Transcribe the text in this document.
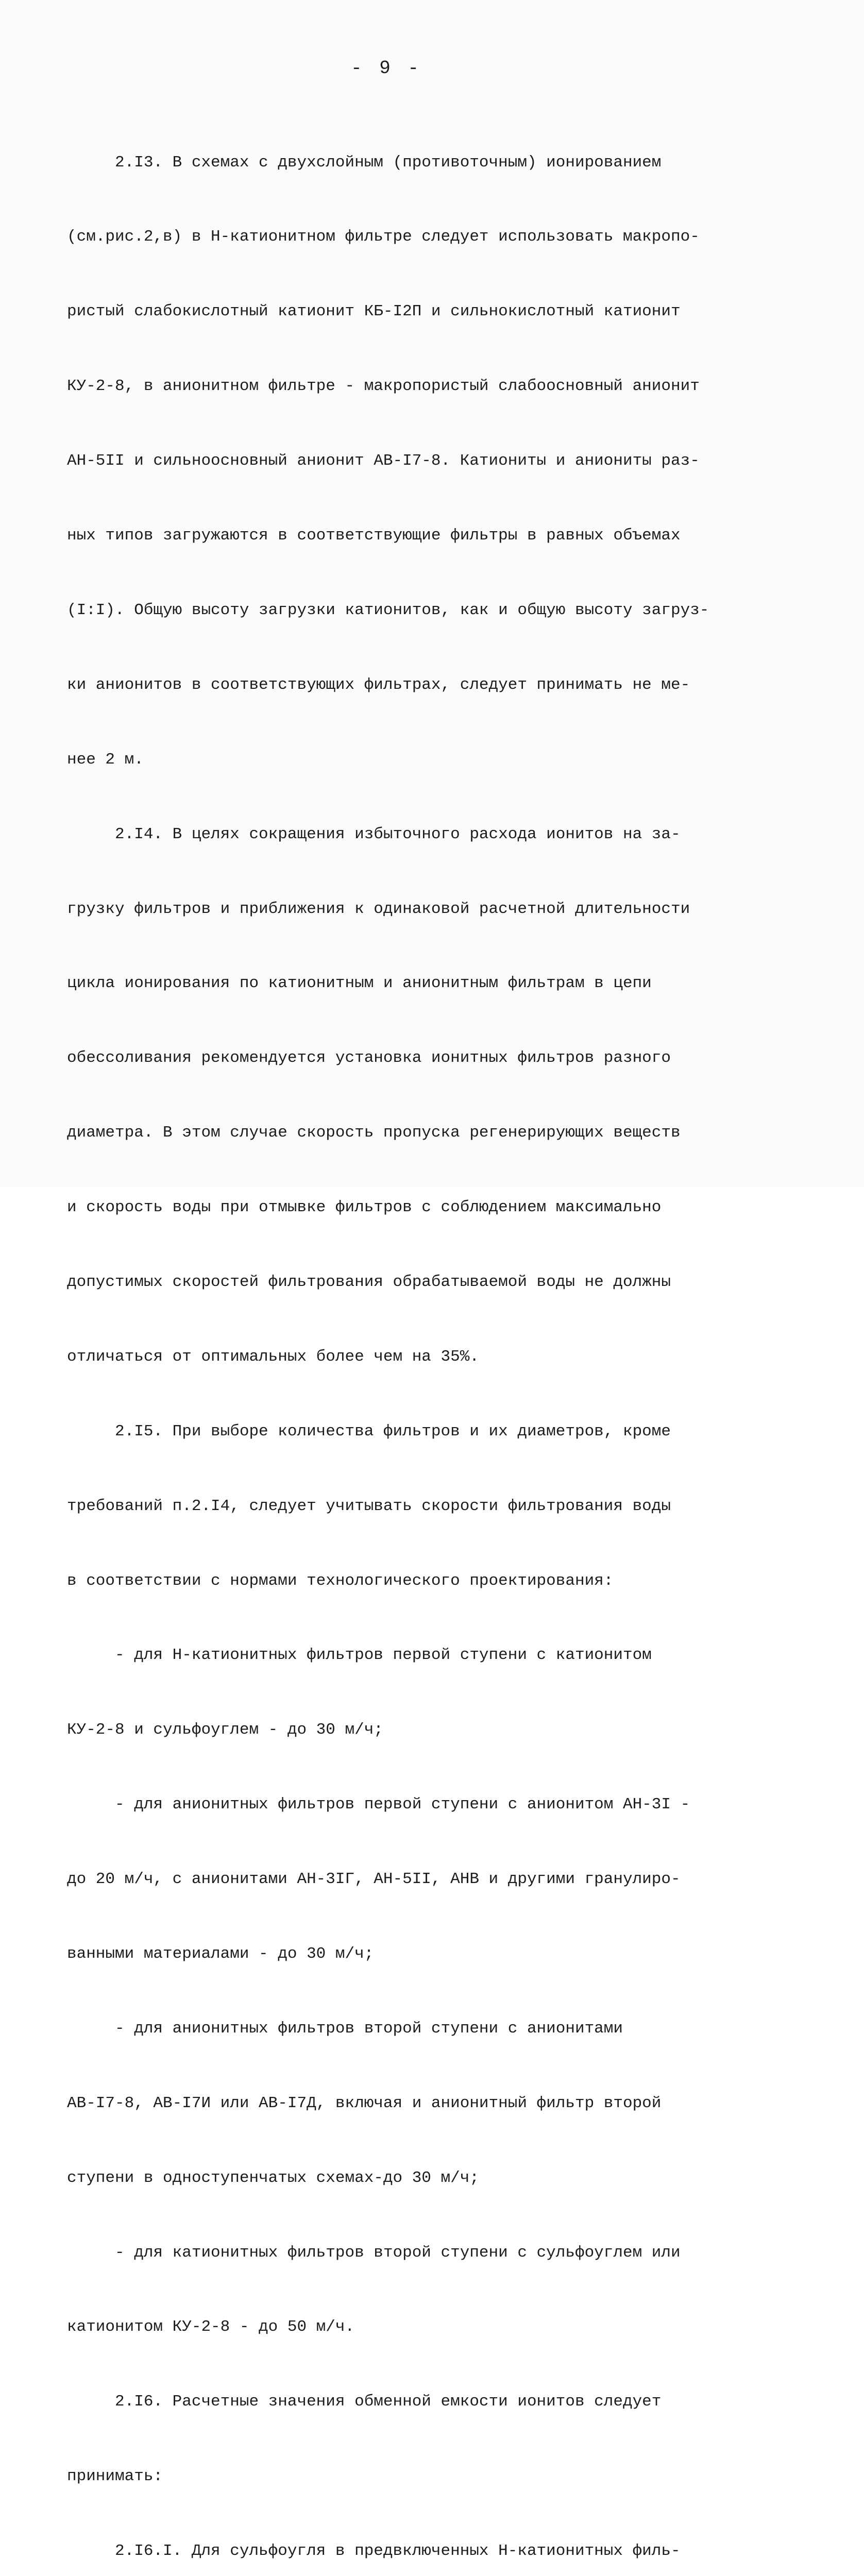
- 9 -

2.I3. В схемах с двухслойным (противоточным) ионированием

(см.рис.2,в) в H-катионитном фильтре следует использовать макропо-

ристый слабокислотный катионит КБ-I2П и сильнокислотный катионит

КУ-2-8, в анионитном фильтре - макропористый слабоосновный анионит

АН-5II и сильноосновный анионит АВ-I7-8. Катиониты и аниониты раз-

ных типов загружаются в соответствующие фильтры в равных объемах

(I:I). Общую высоту загрузки катионитов, как и общую высоту загруз-

ки анионитов в соответствующих фильтрах, следует принимать не ме-

нее 2 м.

2.I4. В целях сокращения избыточного расхода ионитов на за-

грузку фильтров и приближения к одинаковой расчетной длительности

цикла ионирования по катионитным и анионитным фильтрам в цепи

обессоливания рекомендуется установка ионитных фильтров разного

диаметра. В этом случае скорость пропуска регенерирующих веществ

и скорость воды при отмывке фильтров с соблюдением максимально

допустимых скоростей фильтрования обрабатываемой воды не должны

отличаться от оптимальных более чем на 35%.

2.I5. При выборе количества фильтров и их диаметров, кроме

требований п.2.I4, следует учитывать скорости фильтрования воды

в соответствии с нормами технологического проектирования:

- для H-катионитных фильтров первой ступени с катионитом

КУ-2-8 и сульфоуглем - до 30 м/ч;

- для анионитных фильтров первой ступени с анионитом АН-3I -

до 20 м/ч, с анионитами АН-3IГ, АН-5II, АНВ и другими гранулиро-

ванными материалами - до 30 м/ч;

- для анионитных фильтров второй ступени с анионитами

АВ-I7-8, АВ-I7И или АВ-I7Д, включая и анионитный фильтр второй

ступени в одноступенчатых схемах-до 30 м/ч;

- для катионитных фильтров второй ступени с сульфоуглем или

катионитом КУ-2-8 - до 50 м/ч.

2.I6. Расчетные значения обменной емкости ионитов следует

принимать:

2.I6.I. Для сульфоугля в предвключенных H-катионитных филь-
